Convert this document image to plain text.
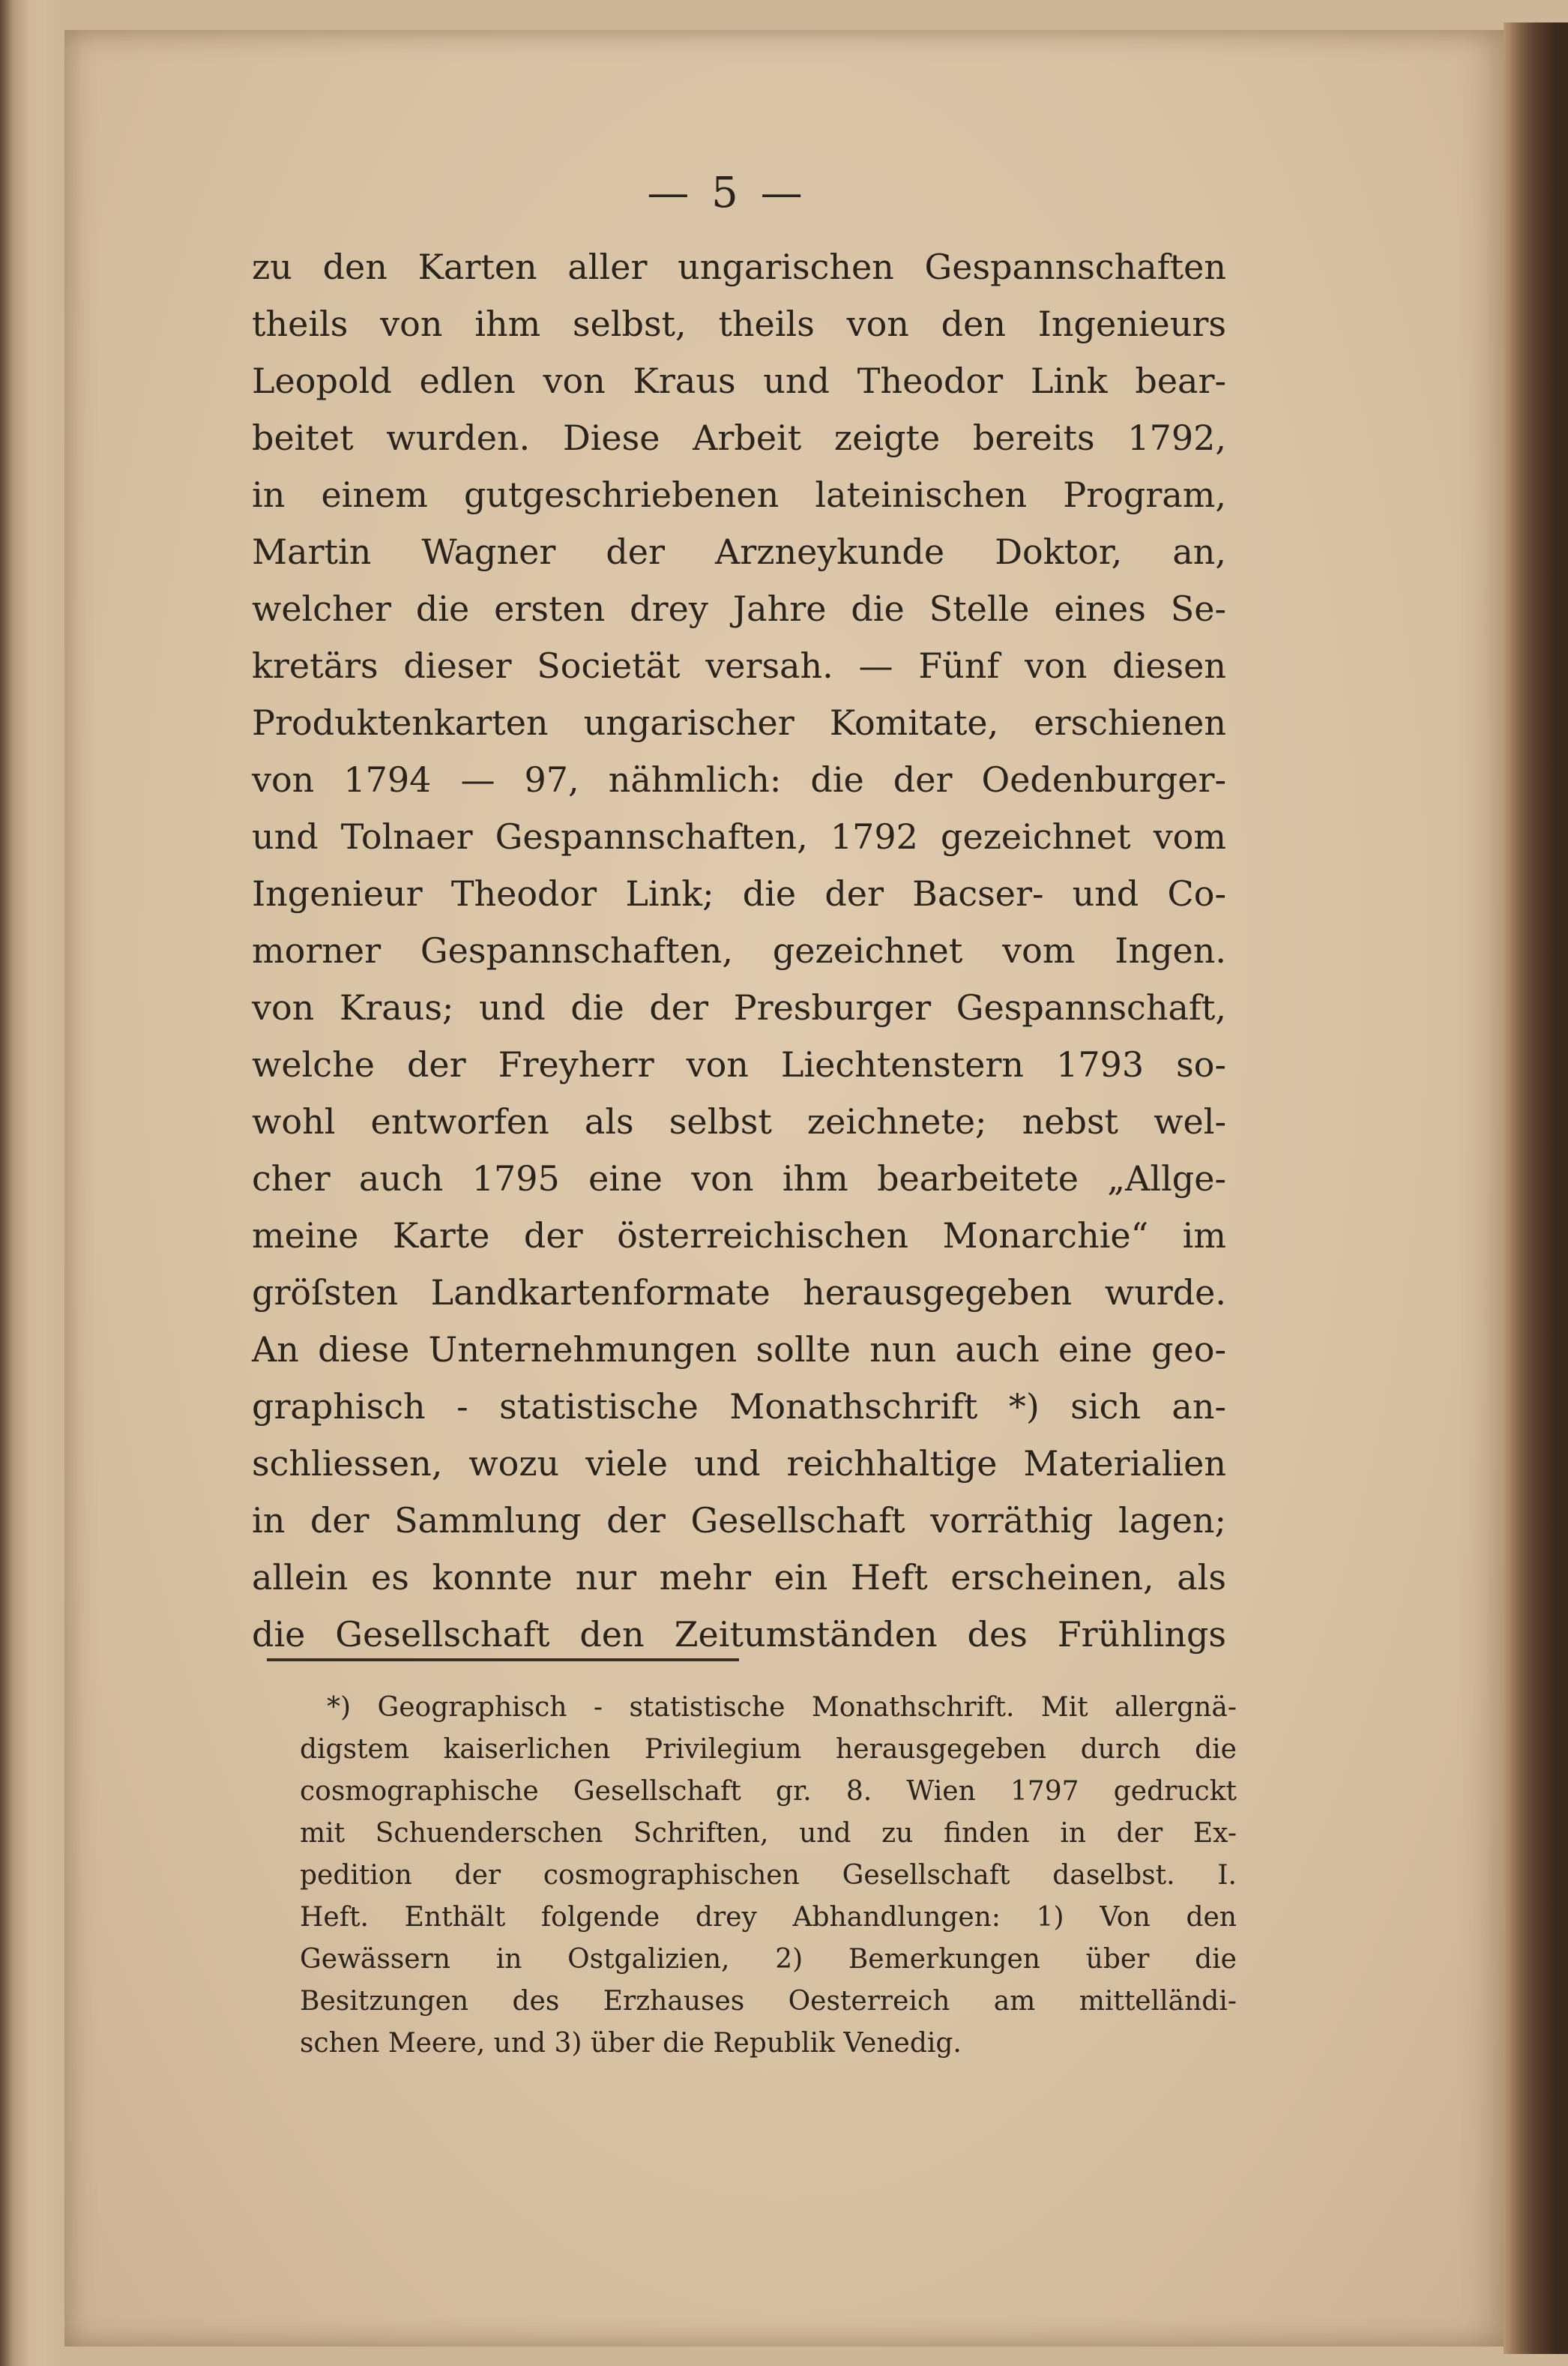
— 5 —
zu den Karten aller ungarischen Gespannschaften
theils von ihm selbst, theils von den Ingenieurs
Leopold edlen von Kraus und Theodor Link bear-
beitet wurden. Diese Arbeit zeigte bereits 1792,
in einem gutgeschriebenen lateinischen Program,
Martin Wagner der Arzneykunde Doktor, an,
welcher die ersten drey Jahre die Stelle eines Se-
kretärs dieser Societät versah. — Fünf von diesen
Produktenkarten ungarischer Komitate, erschienen
von 1794 — 97, nähmlich: die der Oedenburger-
und Tolnaer Gespannschaften, 1792 gezeichnet vom
Ingenieur Theodor Link; die der Bacser- und Co-
morner Gespannschaften, gezeichnet vom Ingen.
von Kraus; und die der Presburger Gespannschaft,
welche der Freyherr von Liechtenstern 1793 so-
wohl entworfen als selbst zeichnete; nebst wel-
cher auch 1795 eine von ihm bearbeitete „Allge-
meine Karte der österreichischen Monarchie“ im
gröſsten Landkartenformate herausgegeben wurde.
An diese Unternehmungen sollte nun auch eine geo-
graphisch - statistische Monathschrift *) sich an-
schliessen, wozu viele und reichhaltige Materialien
in der Sammlung der Gesellschaft vorräthig lagen;
allein es konnte nur mehr ein Heft erscheinen, als
die Gesellschaft den Zeitumständen des Frühlings
*) Geographisch - statistische Monathschrift. Mit allergnä-
digstem kaiserlichen Privilegium herausgegeben durch die
cosmographische Gesellschaft gr. 8. Wien 1797 gedruckt
mit Schuenderschen Schriften, und zu finden in der Ex-
pedition der cosmographischen Gesellschaft daselbst. I.
Heft. Enthält folgende drey Abhandlungen: 1) Von den
Gewässern in Ostgalizien, 2) Bemerkungen über die
Besitzungen des Erzhauses Oesterreich am mittelländi-
schen Meere, und 3) über die Republik Venedig.
